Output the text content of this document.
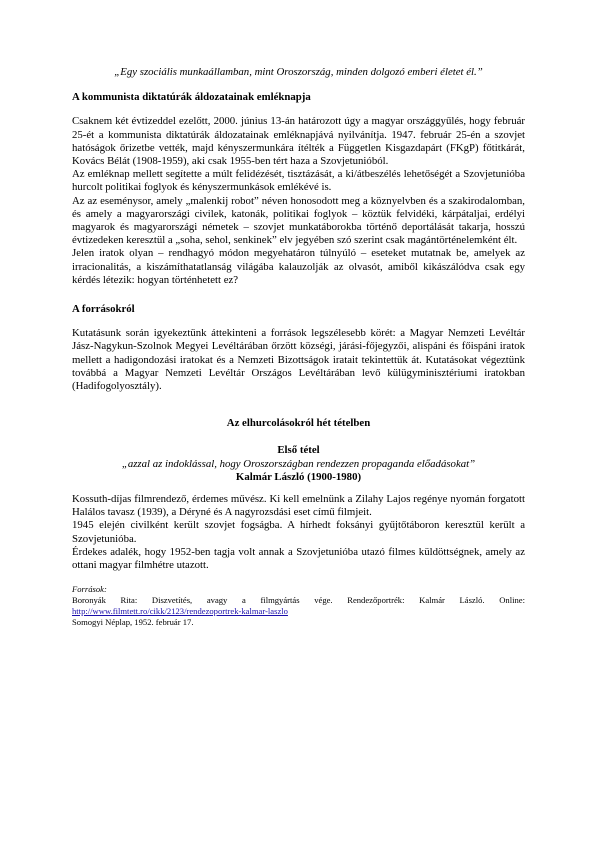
„Egy szociális munkaállamban, mint Oroszország, minden dolgozó emberi életet él.”

A kommunista diktatúrák áldozatainak emléknapja

Csaknem két évtizeddel ezelőtt, 2000. június 13-án határozott úgy a magyar országgyűlés, hogy február 25-ét a kommunista diktatúrák áldozatainak emléknapjává nyilvánítja. 1947. február 25-én a szovjet hatóságok őrizetbe vették, majd kényszermunkára ítélték a Független Kisgazdapárt (FKgP) főtitkárát, Kovács Bélát (1908-1959), aki csak 1955-ben tért haza a Szovjetunióból.

Az emléknap mellett segítette a múlt felidézését, tisztázását, a ki/átbeszélés lehetőségét a Szovjetunióba hurcolt politikai foglyok és kényszermunkások emlékévé is.

Az az eseménysor, amely „malenkij robot” néven honosodott meg a köznyelvben és a szakirodalomban, és amely a magyarországi civilek, katonák, politikai foglyok – köztük felvidéki, kárpátaljai, erdélyi magyarok és magyarországi németek – szovjet munkatáborokba történő deportálását takarja, hosszú évtizedeken keresztül a „soha, sehol, senkinek” elv jegyében szó szerint csak magántörténelemként élt.

Jelen iratok olyan – rendhagyó módon megyehatáron túlnyúló – eseteket mutatnak be, amelyek az irracionalitás, a kiszámíthatatlanság világába kalauzolják az olvasót, amiből kikászálódva csak egy kérdés létezik: hogyan történhetett ez?

A forrásokról

Kutatásunk során igyekeztünk áttekinteni a források legszélesebb körét: a Magyar Nemzeti Levéltár Jász-Nagykun-Szolnok Megyei Levéltárában őrzött községi, járási-főjegyzői, alispáni és főispáni iratok mellett a hadigondozási iratokat és a Nemzeti Bizottságok iratait tekintettük át. Kutatásokat végeztünk továbbá a Magyar Nemzeti Levéltár Országos Levéltárában levő külügyminisztériumi iratokban (Hadifogolyosztály).

Az elhurcolásokról hét tételben

Első tétel

„azzal az indoklással, hogy Oroszországban rendezzen propaganda előadásokat”

Kalmár László (1900-1980)

Kossuth-díjas filmrendező, érdemes művész. Ki kell emelnünk a Zilahy Lajos regénye nyomán forgatott Halálos tavasz (1939), a Déryné és A nagyrozsdási eset című filmjeit.

1945 elején civilként került szovjet fogságba. A hírhedt foksányi gyűjtőtáboron keresztül került a Szovjetunióba.

Érdekes adalék, hogy 1952-ben tagja volt annak a Szovjetunióba utazó filmes küldöttségnek, amely az ottani magyar filmhétre utazott.

Források:
Boronyák Rita: Diszvetítés, avagy a filmgyártás vége. Rendezőportrék: Kalmár László. Online: http://www.filmtett.ro/cikk/2123/rendezoportrek-kalmar-laszlo
Somogyi Néplap, 1952. február 17.
